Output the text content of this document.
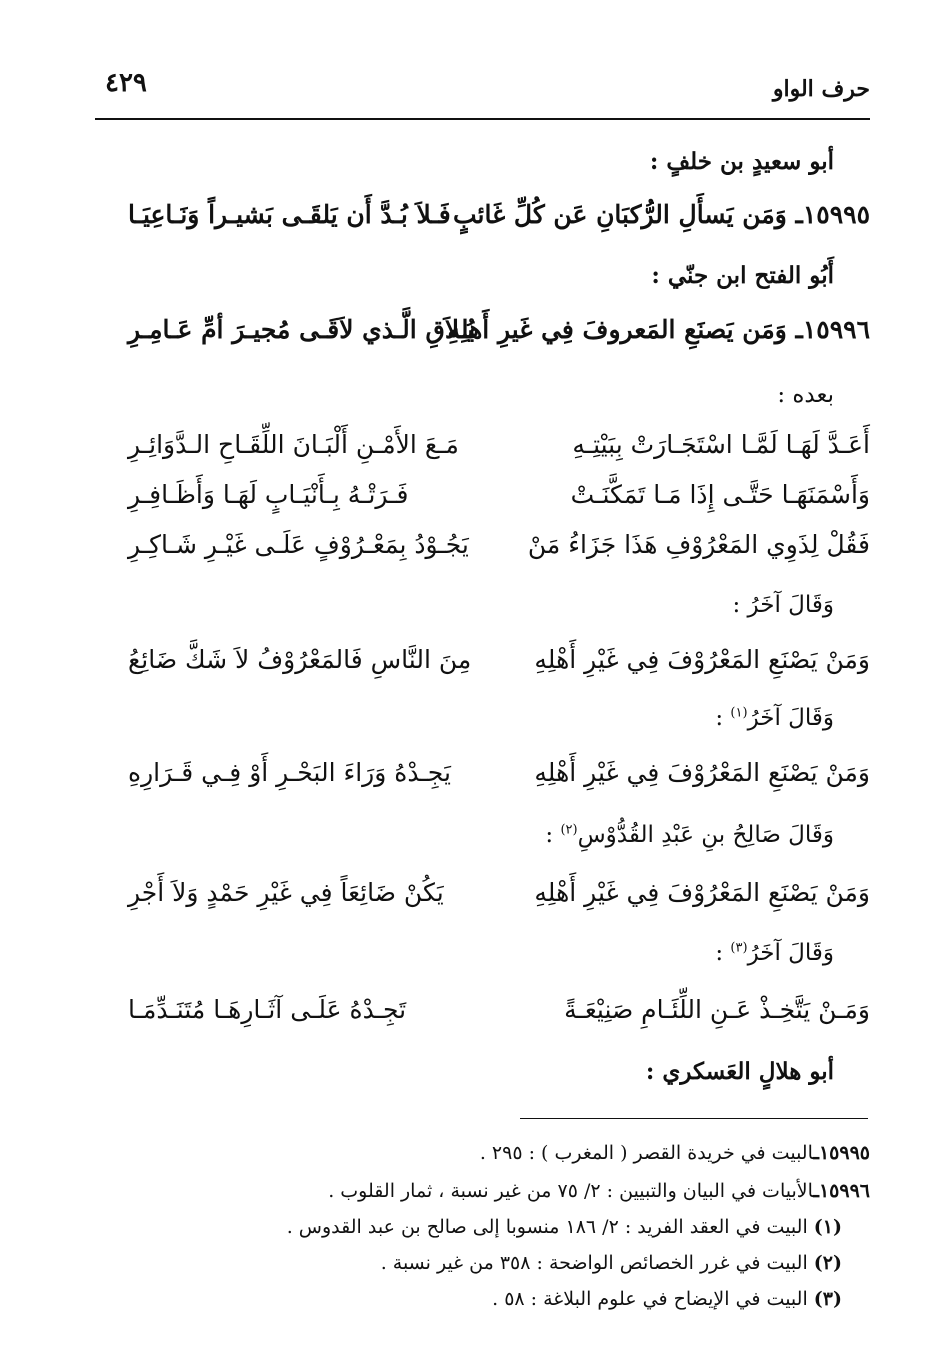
٤٢٩	حرف الواو
أبو سعيدٍ بن خلفٍ :
١٥٩٩٥ـ وَمَن يَسأَلِ الرُّكبَانِ عَن كُلِّ غَائبٍ
فَـلاَ بُـدَّ أَن يَلقَـى بَشيـراً وَنَـاعِيَـا
أَبُو الفتح ابن جنّي :
١٥٩٩٦ـ وَمَن يَصنَعِ المَعروفَ فِي غَيرِ أَهلِهِ
يُـلاَقِ الَّـذي لاَقَـى مُجيـرَ أمِّ عَـامِـرِ
بعده :
أَعَـدَّ لَهَـا لَمَّـا اسْتَجَـارَتْ بِبَيْتِـهِ
مَـعَ الأَمْـنِ أَلْبَـانَ اللِّقَـاحِ الـدَّوَائِـرِ
وَأَسْمَنَهَـا حَتَّـى إِذَا مَـا تَمَكَّنَـتْ
فَـرَتْـهُ بِـأَنْيَـابٍ لَهَـا وَأَظَـافِـرِ
فَقُلْ لِذَوِي المَعْرُوْفِ هَذَا جَزَاءُ مَنْ
يَجُـوْدُ بِمَعْـرُوْفٍ عَلَـى غَيْـرِ شَـاكِـرِ
وَقَالَ آخَرُ :
وَمَنْ يَصْنَعِ المَعْرُوْفَ فِي غَيْرِ أَهْلِهِ
مِنَ النَّاسِ فَالمَعْرُوْفُ لاَ شَكَّ ضَائِعُ
وَقَالَ آخَرُ$^{(١)}$ :
وَمَنْ يَصْنَعِ المَعْرُوْفَ فِي غَيْرِ أَهْلِهِ
يَجِـدْهُ وَرَاءَ البَحْـرِ أَوْ فِـي قَـرَارِهِ
وَقَالَ صَالِحُ بنِ عَبْدِ القُدُّوْسِ$^{(٢)}$ :
وَمَنْ يَصْنَعِ المَعْرُوْفَ فِي غَيْرِ أَهْلِهِ
يَكُنْ ضَائِعَاً فِي غَيْرِ حَمْدٍ وَلاَ أَجْرِ
وَقَالَ آخَرُ$^{(٣)}$ :
وَمَـنْ يَتَّخِـذْ عَـنِ اللِّئَـامِ صَنِيْعَـةً
تَجِـدْهُ عَلَـى آثَـارِهَـا مُتَنَـدِّمَـا
أبو هلالٍ العَسكري :
١٥٩٩٥ـالبيت في خريدة القصر ( المغرب ) : ٢٩٥ .
١٥٩٩٦ـالأبيات في البيان والتبيين : ٢/ ٧٥ من غير نسبة ، ثمار القلوب .
(١) البيت في العقد الفريد : ٢/ ١٨٦ منسوبا إلى صالح بن عبد القدوس .
(٢) البيت في غرر الخصائص الواضحة : ٣٥٨ من غير نسبة .
(٣) البيت في الإيضاح في علوم البلاغة : ٥٨ .
